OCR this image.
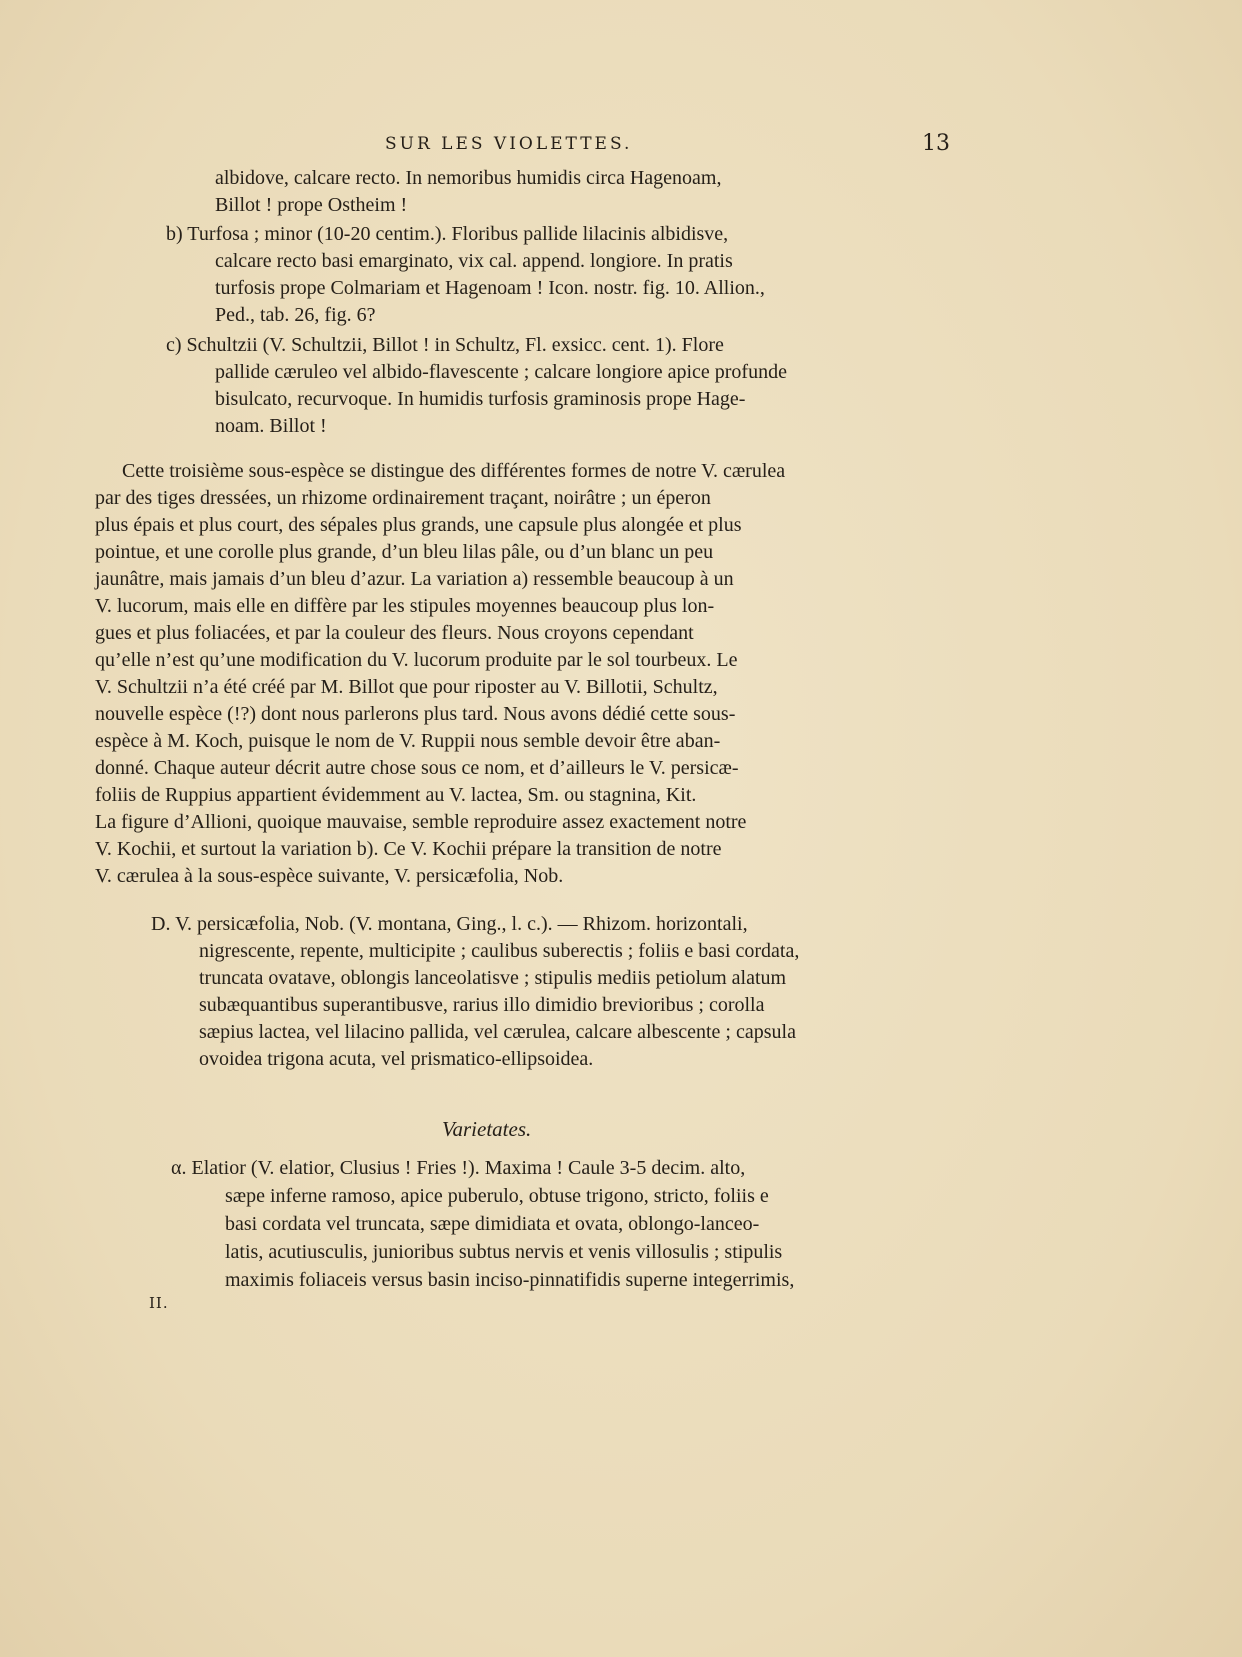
SUR LES VIOLETTES.	13
albidove, calcare recto. In nemoribus humidis circa Hagenoam,
Billot ! prope Ostheim !
b) Turfosa ; minor (10-20 centim.). Floribus pallide lilacinis albidisve,
calcare recto basi emarginato, vix cal. append. longiore. In pratis
turfosis prope Colmariam et Hagenoam ! Icon. nostr. fig. 10. Allion.,
Ped., tab. 26, fig. 6?
c) Schultzii (V. Schultzii, Billot ! in Schultz, Fl. exsicc. cent. 1). Flore
pallide cæruleo vel albido-flavescente ; calcare longiore apice profunde
bisulcato, recurvoque. In humidis turfosis graminosis prope Hage-
noam. Billot !
Cette troisième sous-espèce se distingue des différentes formes de notre V. cærulea
par des tiges dressées, un rhizome ordinairement traçant, noirâtre ; un éperon
plus épais et plus court, des sépales plus grands, une capsule plus alongée et plus
pointue, et une corolle plus grande, d’un bleu lilas pâle, ou d’un blanc un peu
jaunâtre, mais jamais d’un bleu d’azur. La variation a) ressemble beaucoup à un
V. lucorum, mais elle en diffère par les stipules moyennes beaucoup plus lon-
gues et plus foliacées, et par la couleur des fleurs. Nous croyons cependant
qu’elle n’est qu’une modification du V. lucorum produite par le sol tourbeux. Le
V. Schultzii n’a été créé par M. Billot que pour riposter au V. Billotii, Schultz,
nouvelle espèce (!?) dont nous parlerons plus tard. Nous avons dédié cette sous-
espèce à M. Koch, puisque le nom de V. Ruppii nous semble devoir être aban-
donné. Chaque auteur décrit autre chose sous ce nom, et d’ailleurs le V. persicæ-
foliis de Ruppius appartient évidemment au V. lactea, Sm. ou stagnina, Kit.
La figure d’Allioni, quoique mauvaise, semble reproduire assez exactement notre
V. Kochii, et surtout la variation b). Ce V. Kochii prépare la transition de notre
V. cærulea à la sous-espèce suivante, V. persicæfolia, Nob.
D. V. persicæfolia, Nob. (V. montana, Ging., l. c.). — Rhizom. horizontali,
nigrescente, repente, multicipite ; caulibus suberectis ; foliis e basi cordata,
truncata ovatave, oblongis lanceolatisve ; stipulis mediis petiolum alatum
subæquantibus superantibusve, rarius illo dimidio brevioribus ; corolla
sæpius lactea, vel lilacino pallida, vel cærulea, calcare albescente ; capsula
ovoidea trigona acuta, vel prismatico-ellipsoidea.
Varietates.
α. Elatior (V. elatior, Clusius ! Fries !). Maxima ! Caule 3-5 decim. alto,
sæpe inferne ramoso, apice puberulo, obtuse trigono, stricto, foliis e
basi cordata vel truncata, sæpe dimidiata et ovata, oblongo-lanceo-
latis, acutiusculis, junioribus subtus nervis et venis villosulis ; stipulis
maximis foliaceis versus basin inciso-pinnatifidis superne integerrimis,
II.
